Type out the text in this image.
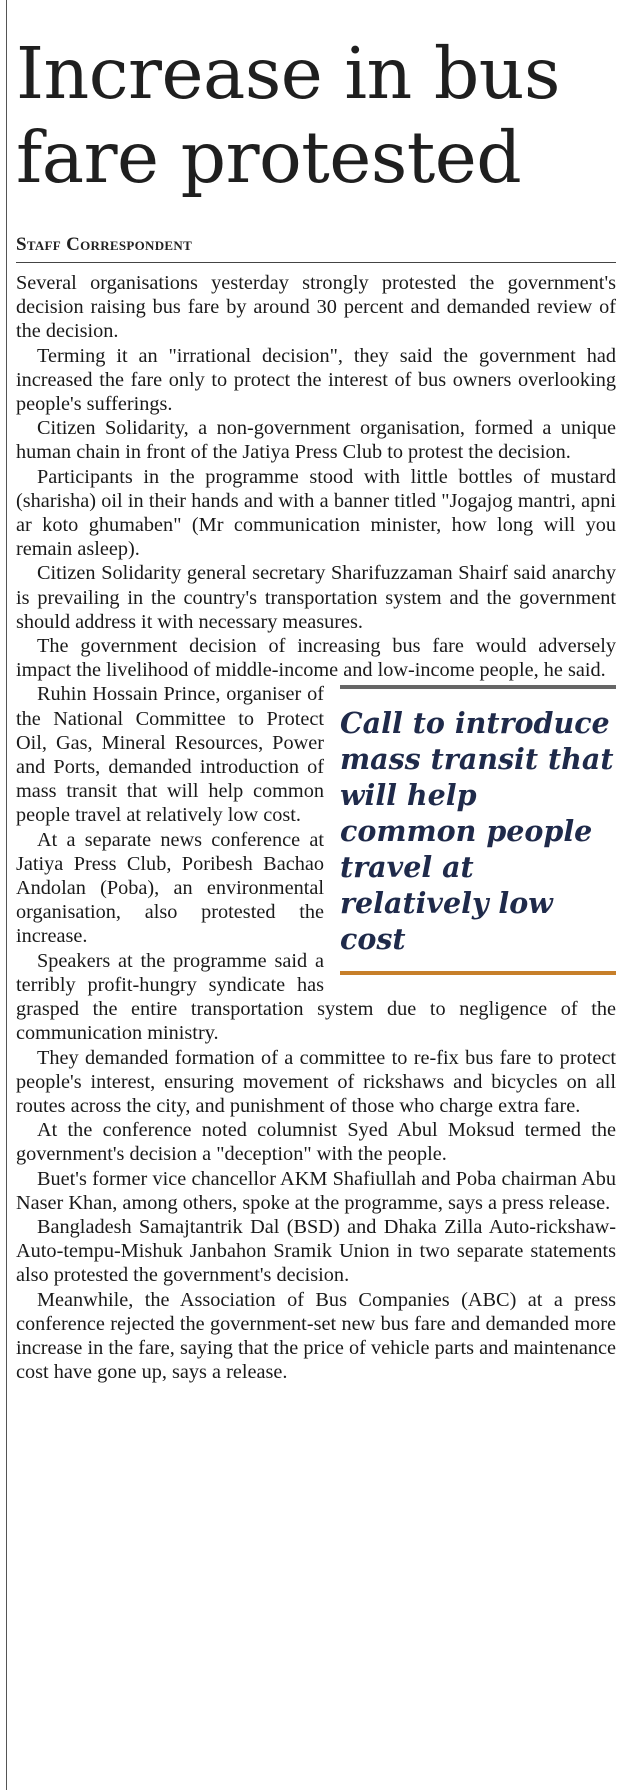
Increase in bus fare protested
Staff Correspondent

Several organisations yesterday strongly protested the government's decision raising bus fare by around 30 percent and demanded review of the decision.

Terming it an "irrational decision", they said the government had increased the fare only to protect the interest of bus owners overlooking people's sufferings.

Citizen Solidarity, a non-government organisation, formed a unique human chain in front of the Jatiya Press Club to protest the decision.

Participants in the programme stood with little bottles of mustard (sharisha) oil in their hands and with a banner titled "Jogajog mantri, apni ar koto ghumaben" (Mr communication minister, how long will you remain asleep).

Citizen Solidarity general secretary Sharifuzzaman Shairf said anarchy is prevailing in the country's transportation system and the government should address it with necessary measures.

The government decision of increasing bus fare would adversely impact the livelihood of middle-income and low-income people, he said.

Call to introduce mass transit that will help common people travel at relatively low cost

Ruhin Hossain Prince, organiser of the National Committee to Protect Oil, Gas, Mineral Resources, Power and Ports, demanded introduction of mass transit that will help common people travel at relatively low cost.

At a separate news conference at Jatiya Press Club, Poribesh Bachao Andolan (Poba), an environmental organisation, also protested the increase.

Speakers at the programme said a terribly profit-hungry syndicate has grasped the entire transportation system due to negligence of the communication ministry.

They demanded formation of a committee to re-fix bus fare to protect people's interest, ensuring movement of rickshaws and bicycles on all routes across the city, and punishment of those who charge extra fare.

At the conference noted columnist Syed Abul Moksud termed the government's decision a "deception" with the people.

Buet's former vice chancellor AKM Shafiullah and Poba chairman Abu Naser Khan, among others, spoke at the programme, says a press release.

Bangladesh Samajtantrik Dal (BSD) and Dhaka Zilla Auto-rickshaw-Auto-tempu-Mishuk Janbahon Sramik Union in two separate statements also protested the government's decision.

Meanwhile, the Association of Bus Companies (ABC) at a press conference rejected the government-set new bus fare and demanded more increase in the fare, saying that the price of vehicle parts and maintenance cost have gone up, says a release.
